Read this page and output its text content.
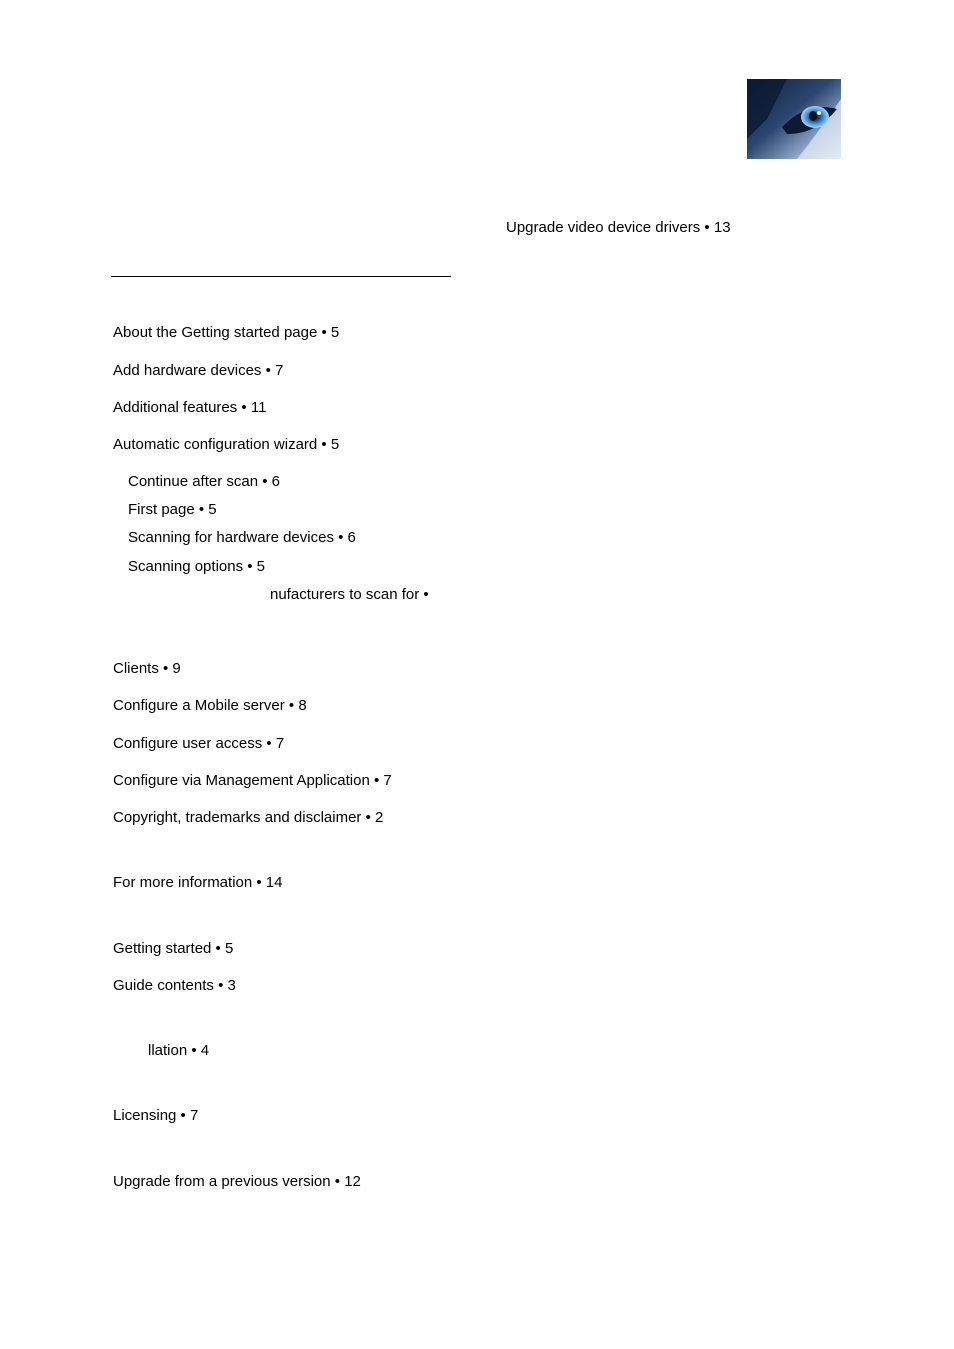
Upgrade video device drivers • 13
About the Getting started page • 5
Add hardware devices • 7
Additional features • 11
Automatic configuration wizard • 5
Continue after scan • 6
First page • 5
Scanning for hardware devices • 6
Scanning options • 5
nufacturers to scan for •
Clients • 9
Configure a Mobile server • 8
Configure user access • 7
Configure via Management Application • 7
Copyright, trademarks and disclaimer • 2
For more information • 14
Getting started • 5
Guide contents • 3
llation • 4
Licensing • 7
Upgrade from a previous version • 12
